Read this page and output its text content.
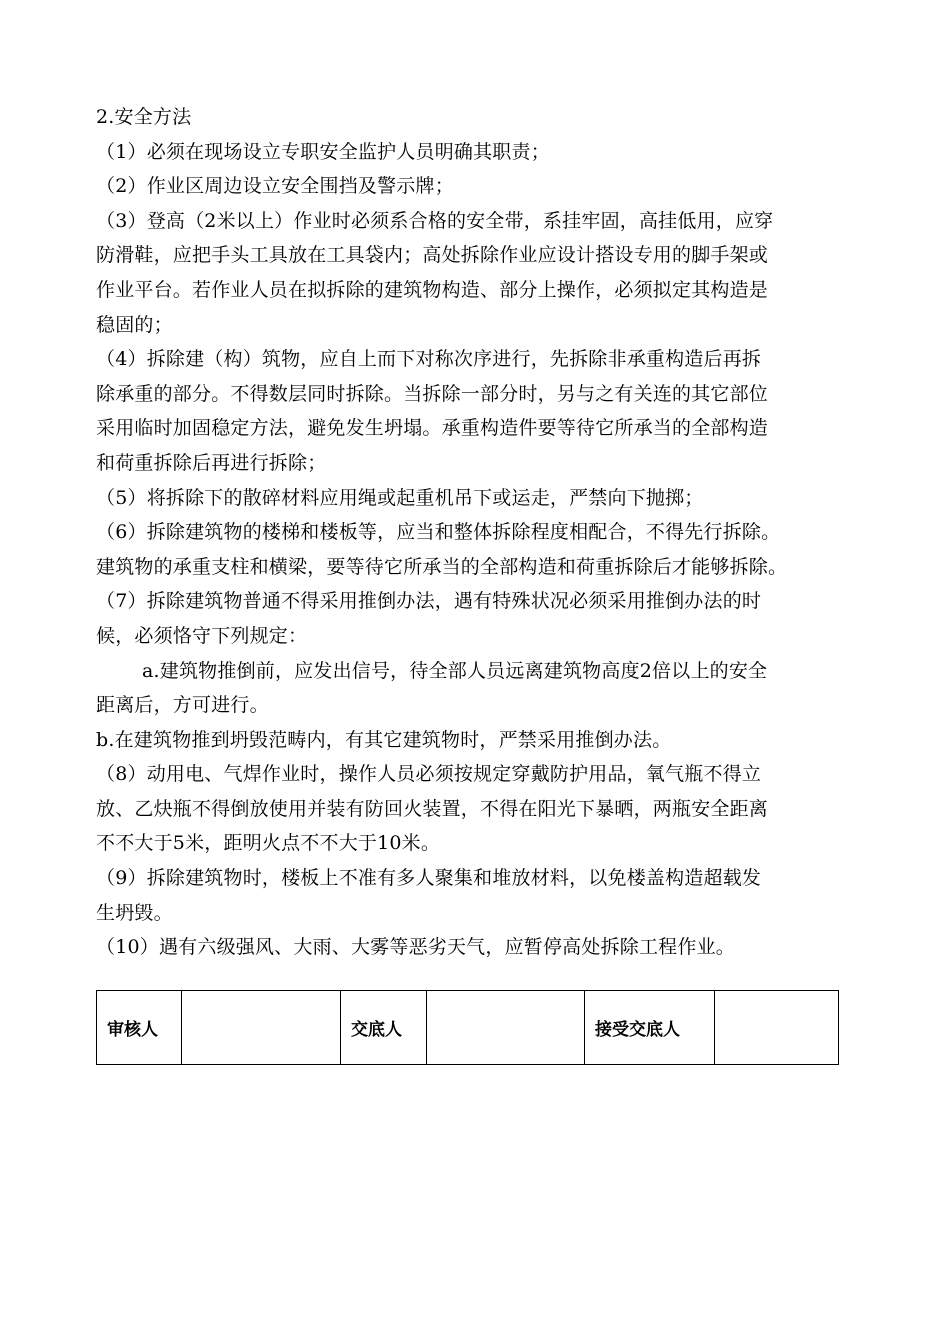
2.安全方法
（1）必须在现场设立专职安全监护人员明确其职责；
（2）作业区周边设立安全围挡及警示牌；
（3）登高（2米以上）作业时必须系合格的安全带，系挂牢固，高挂低用，应穿
防滑鞋，应把手头工具放在工具袋内；高处拆除作业应设计搭设专用的脚手架或
作业平台。若作业人员在拟拆除的建筑物构造、部分上操作，必须拟定其构造是
稳固的；
（4）拆除建（构）筑物，应自上而下对称次序进行，先拆除非承重构造后再拆
除承重的部分。不得数层同时拆除。当拆除一部分时，另与之有关连的其它部位
采用临时加固稳定方法，避免发生坍塌。承重构造件要等待它所承当的全部构造
和荷重拆除后再进行拆除；
（5）将拆除下的散碎材料应用绳或起重机吊下或运走，严禁向下抛掷；
（6）拆除建筑物的楼梯和楼板等，应当和整体拆除程度相配合，不得先行拆除。
建筑物的承重支柱和横梁，要等待它所承当的全部构造和荷重拆除后才能够拆除。
（7）拆除建筑物普通不得采用推倒办法，遇有特殊状况必须采用推倒办法的时
候，必须恪守下列规定：
a.建筑物推倒前，应发出信号，待全部人员远离建筑物高度2倍以上的安全
距离后，方可进行。
b.在建筑物推到坍毁范畴内，有其它建筑物时，严禁采用推倒办法。
（8）动用电、气焊作业时，操作人员必须按规定穿戴防护用品，氧气瓶不得立
放、乙炔瓶不得倒放使用并装有防回火装置，不得在阳光下暴晒，两瓶安全距离
不不大于5米，距明火点不不大于10米。
（9）拆除建筑物时，楼板上不准有多人聚集和堆放材料，以免楼盖构造超载发
生坍毁。
（10）遇有六级强风、大雨、大雾等恶劣天气，应暂停高处拆除工程作业。
审核人		交底人		接受交底人	
